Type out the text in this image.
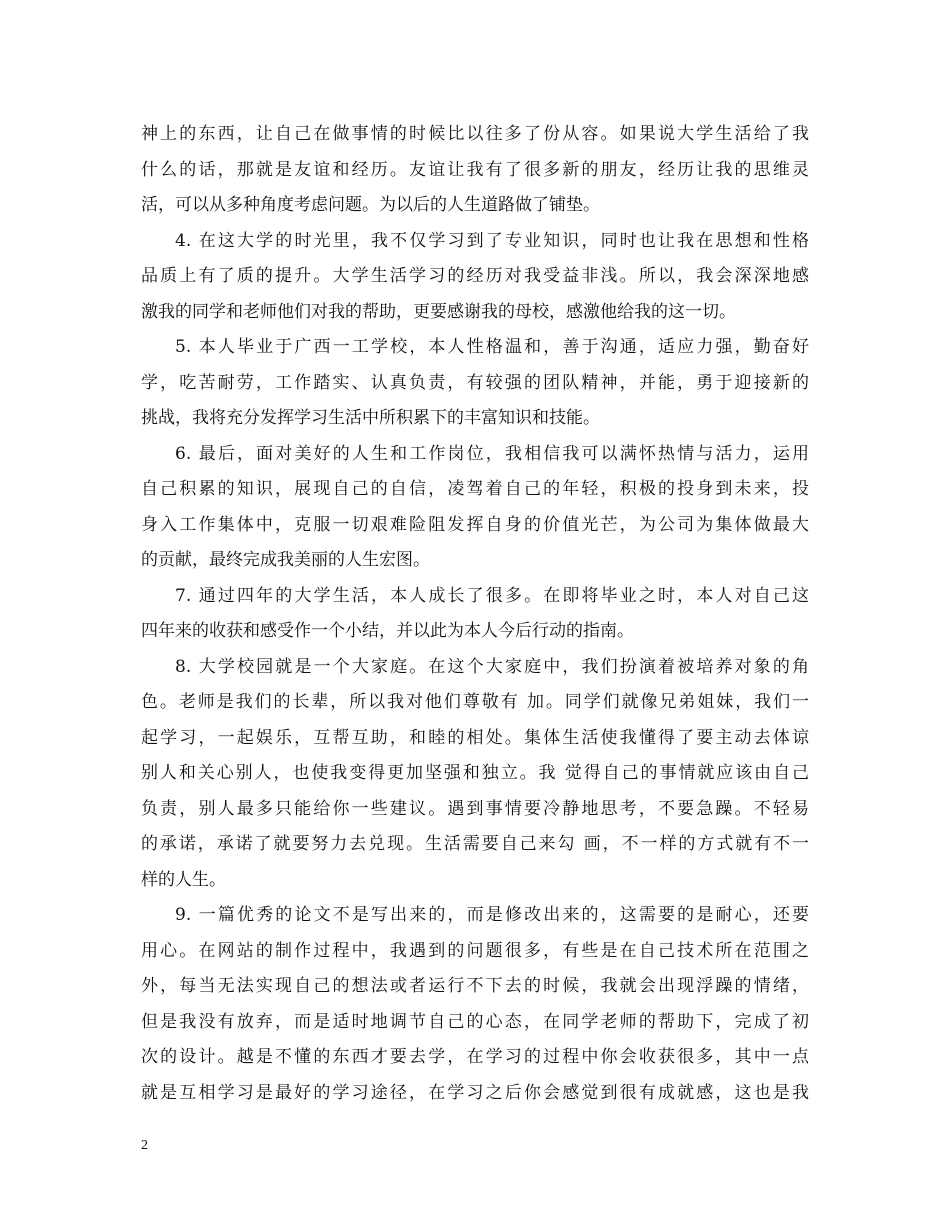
神上的东西，让自己在做事情的时候比以往多了份从容。如果说大学生活给了我
什么的话，那就是友谊和经历。友谊让我有了很多新的朋友，经历让我的思维灵
活，可以从多种角度考虑问题。为以后的人生道路做了铺垫。
4. 在这大学的时光里，我不仅学习到了专业知识，同时也让我在思想和性格
品质上有了质的提升。大学生活学习的经历对我受益非浅。所以，我会深深地感
激我的同学和老师他们对我的帮助，更要感谢我的母校，感激他给我的这一切。
5. 本人毕业于广西一工学校，本人性格温和，善于沟通，适应力强，勤奋好
学，吃苦耐劳，工作踏实、认真负责，有较强的团队精神，并能，勇于迎接新的
挑战，我将充分发挥学习生活中所积累下的丰富知识和技能。
6. 最后，面对美好的人生和工作岗位，我相信我可以满怀热情与活力，运用
自己积累的知识，展现自己的自信，凌驾着自己的年轻，积极的投身到未来，投
身入工作集体中，克服一切艰难险阻发挥自身的价值光芒，为公司为集体做最大
的贡献，最终完成我美丽的人生宏图。
7. 通过四年的大学生活，本人成长了很多。在即将毕业之时，本人对自己这
四年来的收获和感受作一个小结，并以此为本人今后行动的指南。
8. 大学校园就是一个大家庭。在这个大家庭中，我们扮演着被培养对象的角
色。老师是我们的长辈，所以我对他们尊敬有 加。同学们就像兄弟姐妹，我们一
起学习，一起娱乐，互帮互助，和睦的相处。集体生活使我懂得了要主动去体谅
别人和关心别人，也使我变得更加坚强和独立。我 觉得自己的事情就应该由自己
负责，别人最多只能给你一些建议。遇到事情要冷静地思考，不要急躁。不轻易
的承诺，承诺了就要努力去兑现。生活需要自己来勾 画，不一样的方式就有不一
样的人生。
9. 一篇优秀的论文不是写出来的，而是修改出来的，这需要的是耐心，还要
用心。在网站的制作过程中，我遇到的问题很多，有些是在自己技术所在范围之
外，每当无法实现自己的想法或者运行不下去的时候，我就会出现浮躁的情绪，
但是我没有放弃，而是适时地调节自己的心态，在同学老师的帮助下，完成了初
次的设计。越是不懂的东西才要去学，在学习的过程中你会收获很多，其中一点
就是互相学习是最好的学习途径，在学习之后你会感觉到很有成就感，这也是我
2
